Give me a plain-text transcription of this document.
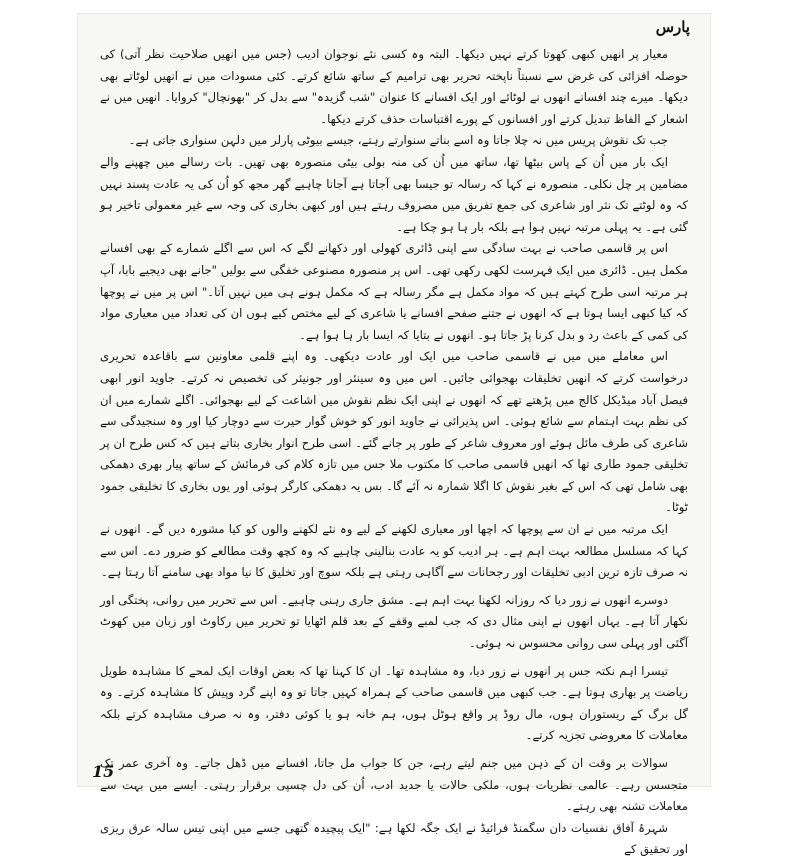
پارس

معیار پر انھیں کبھی کھوتا کرتے نہیں دیکھا۔ البتہ وہ کسی نئے نوجوان ادیب (جس میں انھیں صلاحیت نظر آتی) کی حوصلہ افزائی کی غرض سے نسبتاً ناپختہ تحریر بھی ترامیم کے ساتھ شائع کرتے۔ کئی مسودات میں نے انھیں لوٹاتے بھی دیکھا۔ میرے چند افسانے انھوں نے لوٹائے اور ایک افسانے کا عنوان "شب گزیدہ" سے بدل کر "بھونچال" کروایا۔ انھیں میں نے اشعار کے الفاظ تبدیل کرتے اور افسانوں کے پورے اقتباسات حذف کرتے دیکھا۔

جب تک نقوش پریس میں نہ چلا جاتا وہ اسے بناتے سنوارتے رہتے، جیسے بیوٹی پارلر میں دلہن سنواری جاتی ہے۔

ایک بار میں اُن کے پاس بیٹھا تھا، ساتھ میں اُن کی منہ بولی بیٹی منصورہ بھی تھیں۔ بات رسالے میں چھپنے والے مضامین پر چل نکلی۔ منصورہ نے کہا کہ رسالہ تو جیسا بھی آجاتا ہے آجانا چاہیے گھر مجھ کو اُن کی یہ عادت پسند نہیں کہ وہ لوٹتے تک نثر اور شاعری کی جمع تفریق میں مصروف رہتے ہیں اور کبھی بخاری کی وجہ سے غیر معمولی تاخیر ہو گئی ہے۔ یہ پہلی مرتبہ نہیں ہوا ہے بلکہ بار ہا ہو چکا ہے۔

اس پر قاسمی صاحب نے بہت سادگی سے اپنی ڈائری کھولی اور دکھانے لگے کہ اس سے اگلے شمارے کے بھی افسانے مکمل ہیں۔ ڈائری میں ایک فہرست لکھی رکھی تھی۔ اس پر منصورہ مصنوعی خفگی سے بولیں "جانے بھی دیجیے بابا، آپ ہر مرتبہ اسی طرح کہتے ہیں کہ مواد مکمل ہے مگر رسالہ ہے کہ مکمل ہونے ہی میں نہیں آتا۔" اس پر میں نے پوچھا کہ کیا کبھی ایسا ہوتا ہے کہ انھوں نے جتنے صفحے افسانے یا شاعری کے لیے مختص کیے ہوں ان کی تعداد میں معیاری مواد کی کمی کے باعث رد و بدل کرنا پڑ جاتا ہو۔ انھوں نے بتایا کہ ایسا بار ہا ہوا ہے۔

اس معاملے میں میں نے قاسمی صاحب میں ایک اور عادت دیکھی۔ وہ اپنے قلمی معاونین سے باقاعدہ تحریری درخواست کرتے کہ انھیں تخلیقات بھجوائی جائیں۔ اس میں وہ سینئر اور جونیئر کی تخصیص نہ کرتے۔ جاوید انور ابھی فیصل آباد میڈیکل کالج میں پڑھتے تھے کہ انھوں نے اپنی ایک نظم نقوش میں اشاعت کے لیے بھجوائی۔ اگلے شمارے میں ان کی نظم بہت اہتمام سے شائع ہوئی۔ اس پذیرائی نے جاوید انور کو خوش گوار حیرت سے دوچار کیا اور وہ سنجیدگی سے شاعری کی طرف مائل ہوئے اور معروف شاعر کے طور پر جانے گئے۔ اسی طرح انوار بخاری بتاتے ہیں کہ کس طرح ان پر تخلیقی جمود طاری تھا کہ انھیں قاسمی صاحب کا مکتوب ملا جس میں تازہ کلام کی فرمائش کے ساتھ پیار بھری دھمکی بھی شامل تھی کہ اس کے بغیر نقوش کا اگلا شمارہ نہ آئے گا۔ بس یہ دھمکی کارگر ہوئی اور یوں بخاری کا تخلیقی جمود ٹوٹا۔

ایک مرتبہ میں نے ان سے پوچھا کہ اچھا اور معیاری لکھنے کے لیے وہ نئے لکھنے والوں کو کیا مشورہ دیں گے۔ انھوں نے کہا کہ مسلسل مطالعہ بہت اہم ہے۔ ہر ادیب کو یہ عادت بنالینی چاہیے کہ وہ کچھ وقت مطالعے کو ضرور دے۔ اس سے نہ صرف تازہ ترین ادبی تخلیقات اور رجحانات سے آگاہی رہتی ہے بلکہ سوچ اور تخلیق کا نیا مواد بھی سامنے آتا رہتا ہے۔

دوسرے انھوں نے زور دیا کہ روزانہ لکھنا بہت اہم ہے۔ مشق جاری رہنی چاہیے۔ اس سے تحریر میں روانی، پختگی اور نکھار آتا ہے۔ یہاں انھوں نے اپنی مثال دی کہ جب لمبے وقفے کے بعد قلم اٹھایا تو تحریر میں رکاوٹ اور زبان میں کھوٹ آگئی اور پہلی سی روانی محسوس نہ ہوئی۔

تیسرا اہم نکتہ جس پر انھوں نے زور دیا، وہ مشاہدہ تھا۔ ان کا کہنا تھا کہ بعض اوقات ایک لمحے کا مشاہدہ طویل ریاضت پر بھاری ہوتا ہے۔ جب کبھی میں قاسمی صاحب کے ہمراہ کہیں جاتا تو وہ اپنے گرد وپیش کا مشاہدہ کرتے۔ وہ گل برگ کے ریستوران ہوں، مال روڈ پر واقع ہوٹل ہوں، ہم خانہ ہو یا کوئی دفتر، وہ نہ صرف مشاہدہ کرتے بلکہ معاملات کا معروضی تجزیہ کرتے۔

سوالات بر وقت ان کے ذہن میں جنم لیتے رہے، جن کا جواب مل جاتا، افسانے میں ڈھل جاتے۔ وہ آخری عمر تک متجسس رہے۔ عالمی نظریات ہوں، ملکی حالات یا جدید ادب، اُن کی دل چسپی برقرار رہتی۔ ایسے میں بہت سے معاملات تشنہ بھی رہتے۔

شہرۂ آفاق نفسیات دان سگمنڈ فرائیڈ نے ایک جگہ لکھا ہے: "ایک پیچیدہ گتھی جسے میں اپنی تیس سالہ عرق ریزی اور تحقیق کے

15
